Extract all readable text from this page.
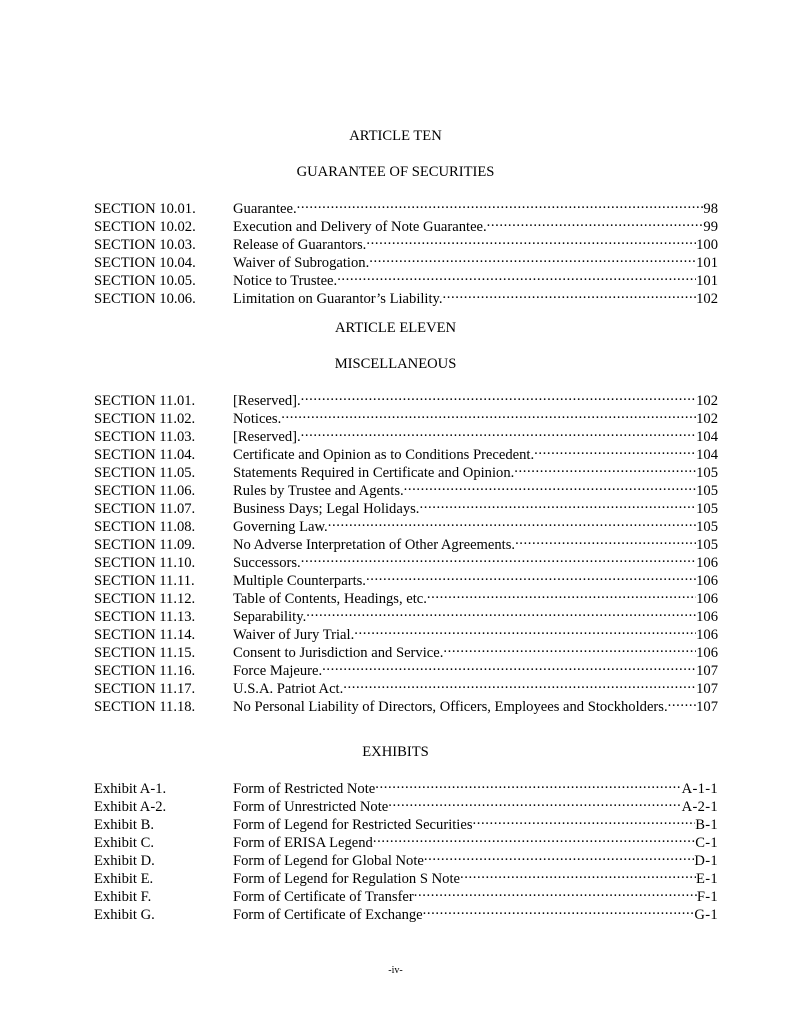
ARTICLE TEN
GUARANTEE OF SECURITIES
SECTION 10.01.	Guarantee. .....	98
SECTION 10.02.	Execution and Delivery of Note Guarantee. .....	99
SECTION 10.03.	Release of Guarantors. .....	100
SECTION 10.04.	Waiver of Subrogation. .....	101
SECTION 10.05.	Notice to Trustee. .....	101
SECTION 10.06.	Limitation on Guarantor’s Liability. .....	102
ARTICLE ELEVEN
MISCELLANEOUS
SECTION 11.01.	[Reserved]. .....	102
SECTION 11.02.	Notices. .....	102
SECTION 11.03.	[Reserved]. .....	104
SECTION 11.04.	Certificate and Opinion as to Conditions Precedent. .....	104
SECTION 11.05.	Statements Required in Certificate and Opinion. .....	105
SECTION 11.06.	Rules by Trustee and Agents. .....	105
SECTION 11.07.	Business Days; Legal Holidays. .....	105
SECTION 11.08.	Governing Law. .....	105
SECTION 11.09.	No Adverse Interpretation of Other Agreements. .....	105
SECTION 11.10.	Successors. .....	106
SECTION 11.11.	Multiple Counterparts. .....	106
SECTION 11.12.	Table of Contents, Headings, etc. .....	106
SECTION 11.13.	Separability. .....	106
SECTION 11.14.	Waiver of Jury Trial. .....	106
SECTION 11.15.	Consent to Jurisdiction and Service. .....	106
SECTION 11.16.	Force Majeure. .....	107
SECTION 11.17.	U.S.A. Patriot Act. .....	107
SECTION 11.18.	No Personal Liability of Directors, Officers, Employees and Stockholders. ..... 107
EXHIBITS
Exhibit A-1.	Form of Restricted Note .....	A-1-1
Exhibit A-2.	Form of Unrestricted Note .....	A-2-1
Exhibit B.	Form of Legend for Restricted Securities .....	B-1
Exhibit C.	Form of ERISA Legend .....	C-1
Exhibit D.	Form of Legend for Global Note .....	D-1
Exhibit E.	Form of Legend for Regulation S Note .....	E-1
Exhibit F.	Form of Certificate of Transfer .....	F-1
Exhibit G.	Form of Certificate of Exchange .....	G-1
-iv-
